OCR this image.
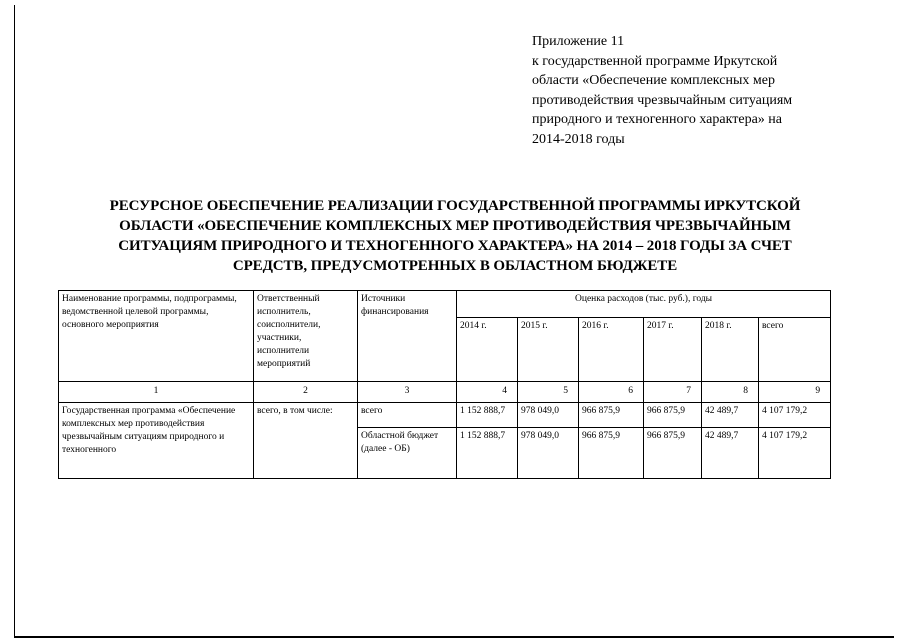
Приложение 11
к государственной программе Иркутской
области «Обеспечение комплексных мер
противодействия чрезвычайным ситуациям
природного и техногенного характера» на
2014-2018 годы
РЕСУРСНОЕ ОБЕСПЕЧЕНИЕ РЕАЛИЗАЦИИ ГОСУДАРСТВЕННОЙ ПРОГРАММЫ ИРКУТСКОЙ
ОБЛАСТИ «ОБЕСПЕЧЕНИЕ КОМПЛЕКСНЫХ МЕР ПРОТИВОДЕЙСТВИЯ ЧРЕЗВЫЧАЙНЫМ
СИТУАЦИЯМ ПРИРОДНОГО И ТЕХНОГЕННОГО ХАРАКТЕРА» НА 2014 – 2018 ГОДЫ ЗА СЧЕТ
СРЕДСТВ, ПРЕДУСМОТРЕННЫХ В ОБЛАСТНОМ БЮДЖЕТЕ
Наименование программы, подпрограммы, ведомственной целевой программы, основного мероприятия	Ответственный исполнитель, соисполнители, участники, исполнители мероприятий	Источники финансирования	Оценка расходов (тыс. руб.), годы					
			2014 г.	2015 г.	2016 г.	2017 г.	2018 г.	всего
1	2	3	4	5	6	7	8	9
Государственная программа «Обеспечение комплексных мер противодействия чрезвычайным ситуациям природного и техногенного	всего, в том числе:	всего	1 152 888,7	978 049,0	966 875,9	966 875,9	42 489,7	4 107 179,2
		Областной бюджет (далее - ОБ)	1 152 888,7	978 049,0	966 875,9	966 875,9	42 489,7	4 107 179,2
